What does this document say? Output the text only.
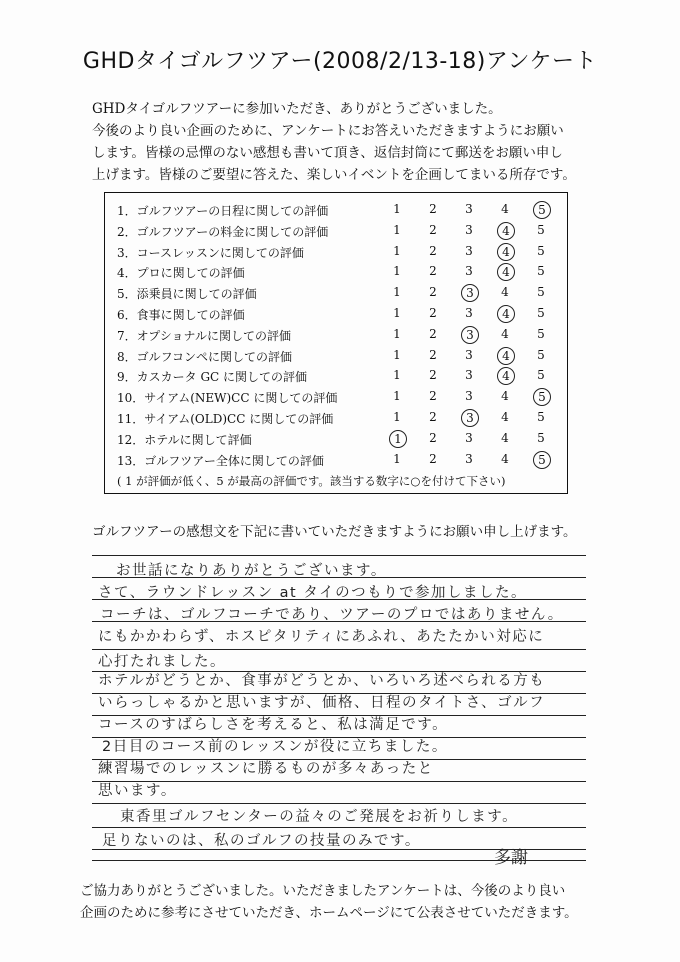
GHDタイゴルフツアー(2008/2/13-18)アンケート

GHDタイゴルフツアーに参加いただき、ありがとうございました。

今後のより良い企画のために、アンケートにお答えいただきますようにお願い

します。皆様の忌憚のない感想も書いて頂き、返信封筒にて郵送をお願い申し

上げます。皆様のご要望に答えた、楽しいイベントを企画してまいる所存です。

( 1 が評価が低く、5 が最高の評価です。該当する数字に○を付けて下さい)
1．ゴルフツアーの日程に関しての評価	1	2	3	4	5
2．ゴルフツアーの料金に関しての評価	1	2	3	4	5
3．コースレッスンに関しての評価	1	2	3	4	5
4．プロに関しての評価	1	2	3	4	5
5．添乗員に関しての評価	1	2	3	4	5
6．食事に関しての評価	1	2	3	4	5
7．オプショナルに関しての評価	1	2	3	4	5
8．ゴルフコンペに関しての評価	1	2	3	4	5
9．カスカータ GC に関しての評価	1	2	3	4	5
10．サイアム(NEW)CC に関しての評価	1	2	3	4	5
11．サイアム(OLD)CC に関しての評価	1	2	3	4	5
12．ホテルに関して評価	1	2	3	4	5
13．ゴルフツアー全体に関しての評価	1	2	3	4	5
ゴルフツアーの感想文を下記に書いていただきますようにお願い申し上げます。
お世話になりありがとうございます。
さて、ラウンドレッスン at タイのつもりで参加しました。
コーチは、ゴルフコーチであり、ツアーのプロではありません。
にもかかわらず、ホスピタリティにあふれ、あたたかい対応に
心打たれました。
ホテルがどうとか、食事がどうとか、いろいろ述べられる方も
いらっしゃるかと思いますが、価格、日程のタイトさ、ゴルフ
コースのすばらしさを考えると、私は満足です。
2日目のコース前のレッスンが役に立ちました。
練習場でのレッスンに勝るものが多々あったと
思います。
東香里ゴルフセンターの益々のご発展をお祈りします。
足りないのは、私のゴルフの技量のみです。
多謝

ご協力ありがとうございました。いただきましたアンケートは、今後のより良い

企画のために参考にさせていただき、ホームページにて公表させていただきます。
